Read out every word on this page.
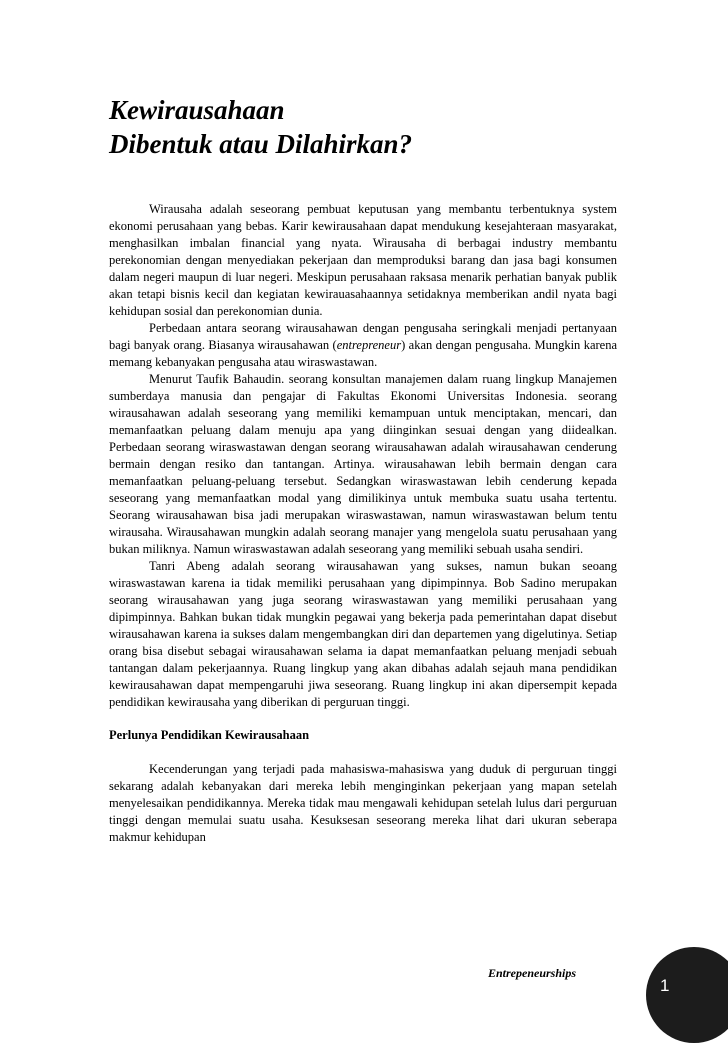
Kewirausahaan
Dibentuk atau Dilahirkan?

Wirausaha adalah seseorang pembuat keputusan yang membantu terbentuknya system ekonomi perusahaan yang bebas. Karir kewirausahaan dapat mendukung kesejahteraan masyarakat, menghasilkan imbalan financial yang nyata. Wirausaha di berbagai industry membantu perekonomian dengan menyediakan pekerjaan dan memproduksi barang dan jasa bagi konsumen dalam negeri maupun di luar negeri. Meskipun perusahaan raksasa menarik perhatian banyak publik akan tetapi bisnis kecil dan kegiatan kewirauasahaannya setidaknya memberikan andil nyata bagi kehidupan sosial dan perekonomian dunia.

Perbedaan antara seorang wirausahawan dengan pengusaha seringkali menjadi pertanyaan bagi banyak orang. Biasanya wirausahawan (entrepreneur) akan dengan pengusaha. Mungkin karena memang kebanyakan pengusaha atau wiraswastawan.

Menurut Taufik Bahaudin. seorang konsultan manajemen dalam ruang lingkup Manajemen sumberdaya manusia dan pengajar di Fakultas Ekonomi Universitas Indonesia. seorang wirausahawan adalah seseorang yang memiliki kemampuan untuk menciptakan, mencari, dan memanfaatkan peluang dalam menuju apa yang diinginkan sesuai dengan yang diidealkan. Perbedaan seorang wiraswastawan dengan seorang wirausahawan adalah wirausahawan cenderung bermain dengan resiko dan tantangan. Artinya. wirausahawan lebih bermain dengan cara memanfaatkan peluang-peluang tersebut. Sedangkan wiraswastawan lebih cenderung kepada seseorang yang memanfaatkan modal yang dimilikinya untuk membuka suatu usaha tertentu. Seorang wirausahawan bisa jadi merupakan wiraswastawan, namun wiraswastawan belum tentu wirausaha. Wirausahawan mungkin adalah seorang manajer yang mengelola suatu perusahaan yang bukan miliknya. Namun wiraswastawan adalah seseorang yang memiliki sebuah usaha sendiri.

Tanri Abeng adalah seorang wirausahawan yang sukses, namun bukan seoang wiraswastawan karena ia tidak memiliki perusahaan yang dipimpinnya. Bob Sadino merupakan seorang wirausahawan yang juga seorang wiraswastawan yang memiliki perusahaan yang dipimpinnya. Bahkan bukan tidak mungkin pegawai yang bekerja pada pemerintahan dapat disebut wirausahawan karena ia sukses dalam mengembangkan diri dan departemen yang digelutinya. Setiap orang bisa disebut sebagai wirausahawan selama ia dapat memanfaatkan peluang menjadi sebuah tantangan dalam pekerjaannya. Ruang lingkup yang akan dibahas adalah sejauh mana pendidikan kewirausahawan dapat mempengaruhi jiwa seseorang. Ruang lingkup ini akan dipersempit kepada pendidikan kewirausaha yang diberikan di perguruan tinggi.

Perlunya Pendidikan Kewirausahaan

Kecenderungan yang terjadi pada mahasiswa-mahasiswa yang duduk di perguruan tinggi sekarang adalah kebanyakan dari mereka lebih menginginkan pekerjaan yang mapan setelah menyelesaikan pendidikannya. Mereka tidak mau mengawali kehidupan setelah lulus dari perguruan tinggi dengan memulai suatu usaha. Kesuksesan seseorang mereka lihat dari ukuran seberapa makmur kehidupan

Entrepeneurships
1
